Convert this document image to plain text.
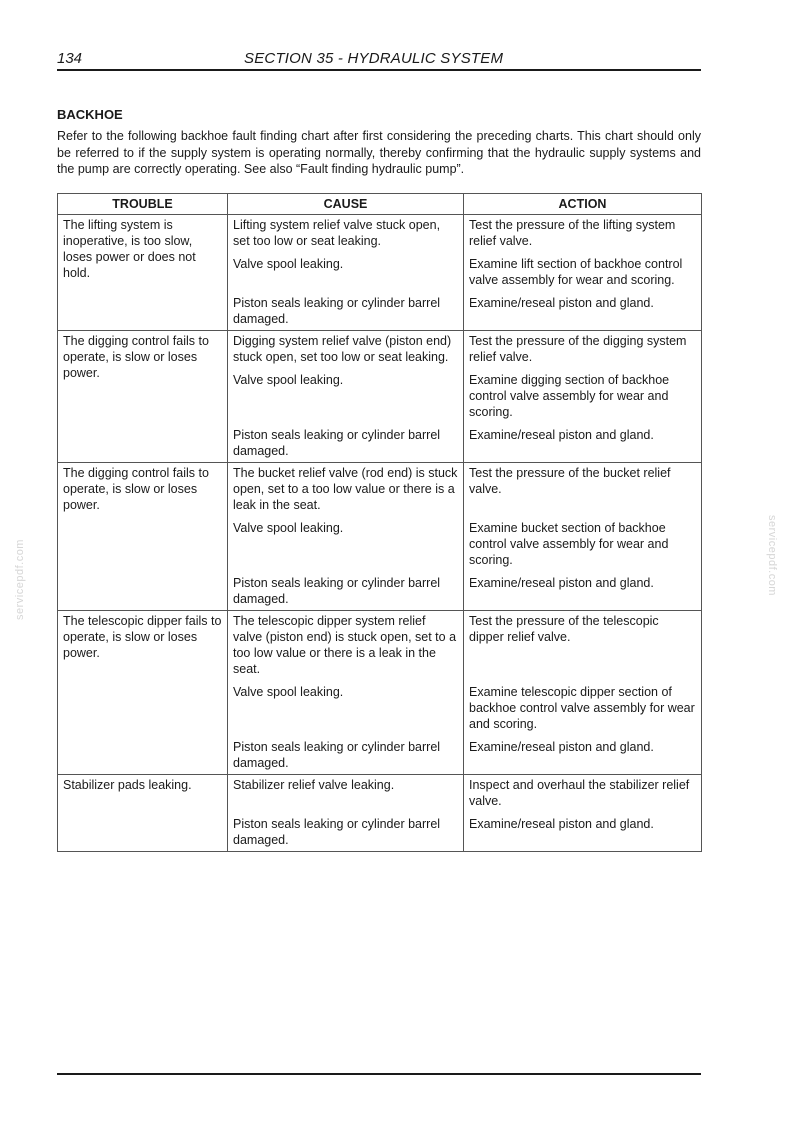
134	SECTION 35 - HYDRAULIC SYSTEM
BACKHOE
Refer to the following backhoe fault finding chart after first considering the preceding charts. This chart should only be referred to if the supply system is operating normally, thereby confirming that the hydraulic supply systems and the pump are correctly operating. See also “Fault finding hydraulic pump”.
TROUBLE	CAUSE	ACTION
The lifting system is inoperative, is too slow, loses power or does not hold.	Lifting system relief valve stuck open, set too low or seat leaking.	Test the pressure of the lifting system relief valve.
	Valve spool leaking.	Examine lift section of backhoe control valve assembly for wear and scoring.
	Piston seals leaking or cylinder barrel damaged.	Examine/reseal piston and gland.
The digging control fails to operate, is slow or loses power.	Digging system relief valve (piston end) stuck open, set too low or seat leaking.	Test the pressure of the digging system relief valve.
	Valve spool leaking.	Examine digging section of backhoe control valve assembly for wear and scoring.
	Piston seals leaking or cylinder barrel damaged.	Examine/reseal piston and gland.
The digging control fails to operate, is slow or loses power.	The bucket relief valve (rod end) is stuck open, set to a too low value or there is a leak in the seat.	Test the pressure of the bucket relief valve.
	Valve spool leaking.	Examine bucket section of backhoe control valve assembly for wear and scoring.
	Piston seals leaking or cylinder barrel damaged.	Examine/reseal piston and gland.
The telescopic dipper fails to operate, is slow or loses power.	The telescopic dipper system relief valve (piston end) is stuck open, set to a too low value or there is a leak in the seat.	Test the pressure of the telescopic dipper relief valve.
	Valve spool leaking.	Examine telescopic dipper section of backhoe control valve assembly for wear and scoring.
	Piston seals leaking or cylinder barrel damaged.	Examine/reseal piston and gland.
Stabilizer pads leaking.	Stabilizer relief valve leaking.	Inspect and overhaul the stabilizer relief valve.
	Piston seals leaking or cylinder barrel damaged.	Examine/reseal piston and gland.
servicepdf.com	servicepdf.com
